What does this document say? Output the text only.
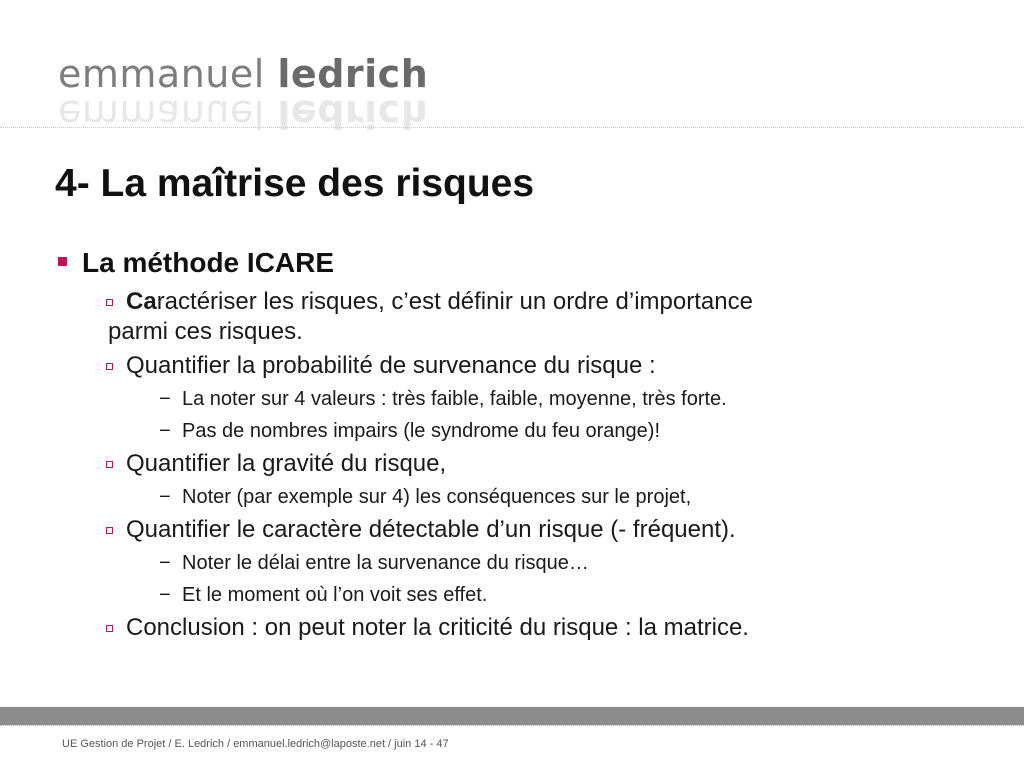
emmanuel ledrich
emmanuel ledrich
4- La maîtrise des risques
La méthode ICARE
Caractériser les risques, c’est définir un ordre d’importance
parmi ces risques.
Quantifier la probabilité de survenance du risque :
− La noter sur 4 valeurs : très faible, faible, moyenne, très forte.
− Pas de nombres impairs (le syndrome du feu orange)!
Quantifier la gravité du risque,
− Noter (par exemple sur 4) les conséquences sur le projet,
Quantifier le caractère détectable d’un risque (- fréquent).
− Noter le délai entre la survenance du risque…
− Et le moment où l’on voit ses effet.
Conclusion : on peut noter la criticité du risque : la matrice.
UE Gestion de Projet / E. Ledrich / emmanuel.ledrich@laposte.net / juin 14 - 47
